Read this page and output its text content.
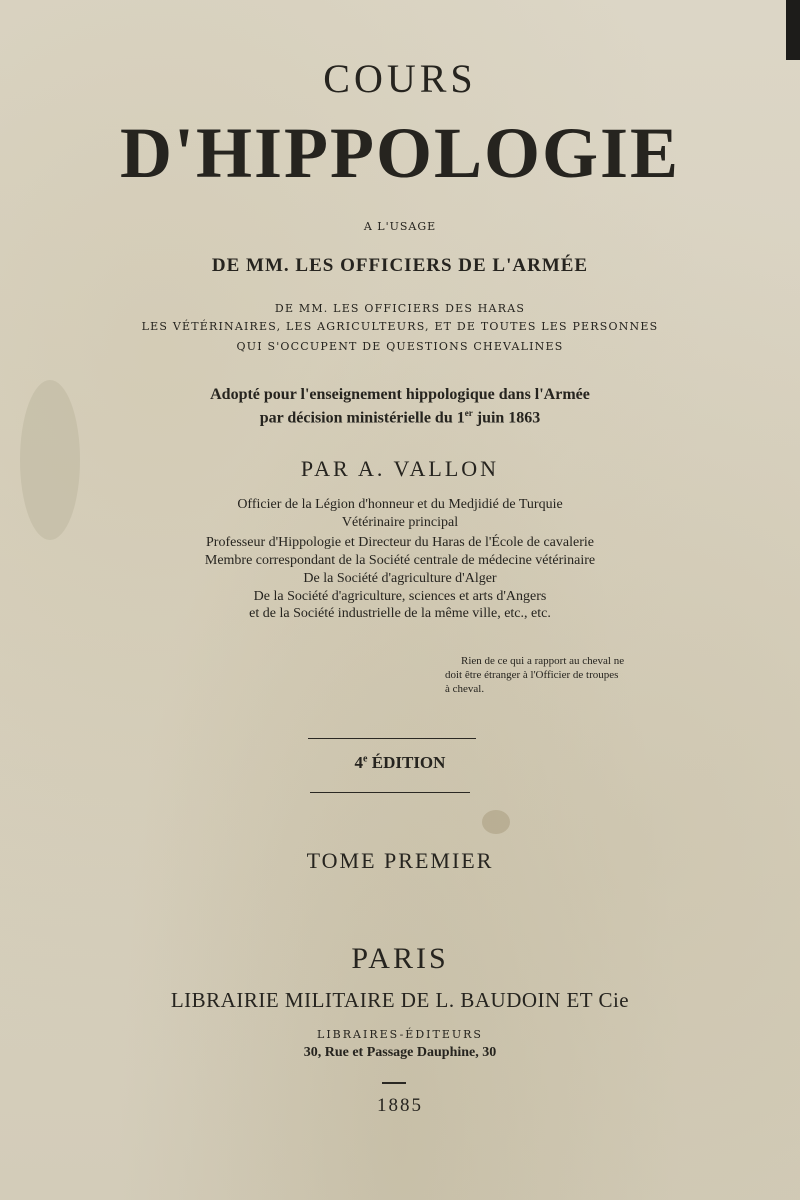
COURS
D'HIPPOLOGIE
A L'USAGE
DE MM. LES OFFICIERS DE L'ARMÉE
DE MM. LES OFFICIERS DES HARAS
LES VÉTÉRINAIRES, LES AGRICULTEURS, ET DE TOUTES LES PERSONNES
QUI S'OCCUPENT DE QUESTIONS CHEVALINES
Adopté pour l'enseignement hippologique dans l'Armée
par décision ministérielle du 1er juin 1863
PAR A. VALLON
Officier de la Légion d'honneur et du Medjidié de Turquie
Vétérinaire principal
Professeur d'Hippologie et Directeur du Haras de l'École de cavalerie
Membre correspondant de la Société centrale de médecine vétérinaire
De la Société d'agriculture d'Alger
De la Société d'agriculture, sciences et arts d'Angers
et de la Société industrielle de la même ville, etc., etc.
Rien de ce qui a rapport au cheval ne
doit être étranger à l'Officier de troupes
à cheval.
4e ÉDITION
TOME PREMIER
PARIS
LIBRAIRIE MILITAIRE DE L. BAUDOIN ET Cie
LIBRAIRES-ÉDITEURS
30, Rue et Passage Dauphine, 30
1885
